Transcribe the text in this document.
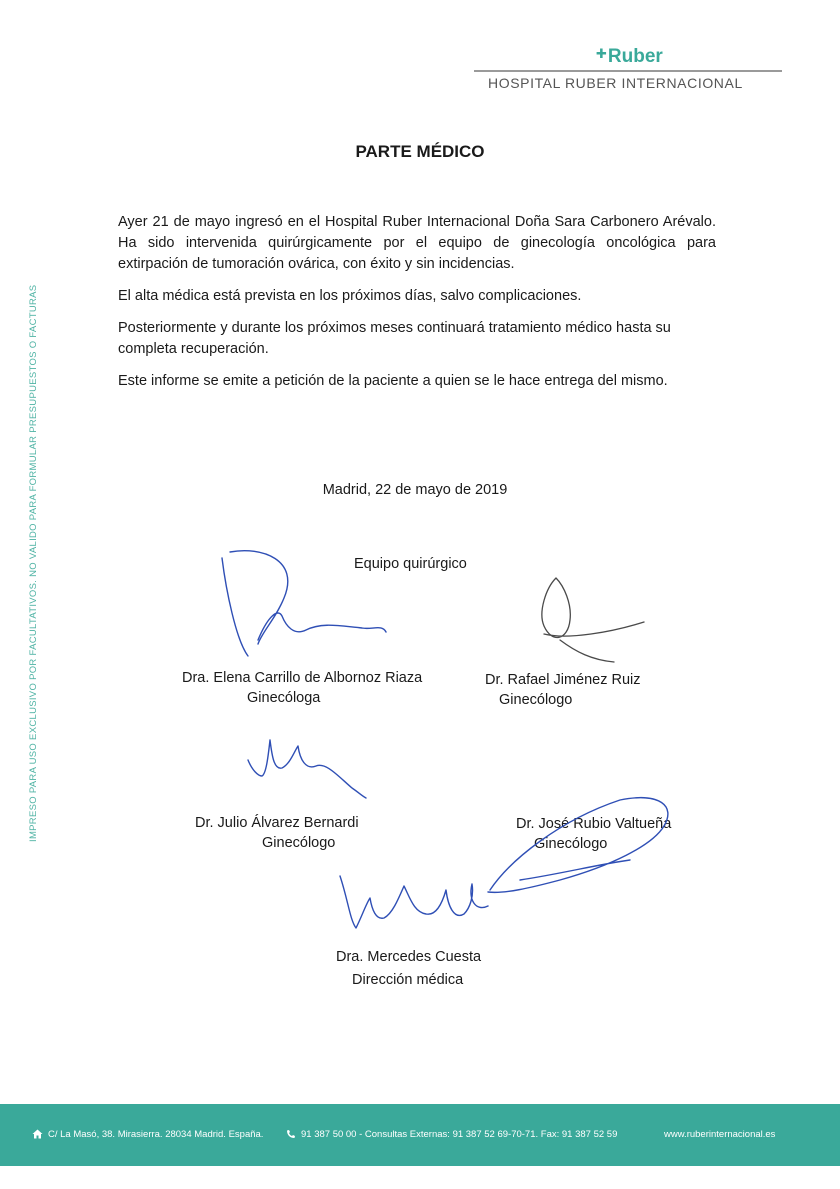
✚Ruber
HOSPITAL RUBER INTERNACIONAL
PARTE MÉDICO

Ayer 21 de mayo ingresó en el Hospital Ruber Internacional Doña Sara Carbonero Arévalo. Ha sido intervenida quirúrgicamente por el equipo de ginecología oncológica para extirpación de tumoración ovárica, con éxito y sin incidencias.

El alta médica está prevista en los próximos días, salvo complicaciones.

Posteriormente y durante los próximos meses continuará tratamiento médico hasta su completa recuperación.

Este informe se emite a petición de la paciente a quien se le hace entrega del mismo.

Madrid, 22 de mayo de 2019
Equipo quirúrgico
Dra. Elena Carrillo de Albornoz Riaza
Ginecóloga
Dr. Rafael Jiménez Ruiz
Ginecólogo
Dr. Julio Álvarez Bernardi
Ginecólogo
Dr. José Rubio Valtueña
Ginecólogo
Dra. Mercedes Cuesta
Dirección médica
IMPRESO PARA USO EXCLUSIVO POR FACULTATIVOS. NO VALIDO PARA FORMULAR PRESUPUESTOS O FACTURAS
C/ La Masó, 38. Mirasierra. 28034 Madrid. España.	91 387 50 00 - Consultas Externas: 91 387 52 69-70-71. Fax: 91 387 52 59	www.ruberinternacional.es
